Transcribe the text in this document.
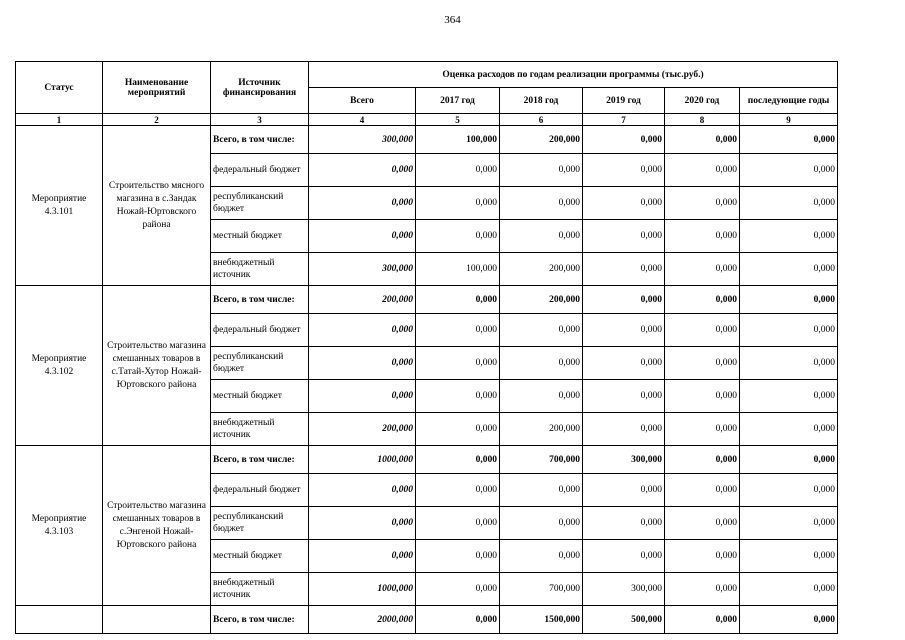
364
Статус	Наименование мероприятий	Источник финансирования	Оценка расходов по годам реализации программы (тыс.руб.)					
			Всего	2017 год	2018 год	2019 год	2020 год	последующие годы
1	2	3	4	5	6	7	8	9
Мероприятие 4.3.101	Строительство мясного магазина в с.Зандак Ножай-Юртовского района	Всего, в том числе:	300,000	100,000	200,000	0,000	0,000	0,000
		федеральный бюджет	0,000	0,000	0,000	0,000	0,000	0,000
		республиканский бюджет	0,000	0,000	0,000	0,000	0,000	0,000
		местный бюджет	0,000	0,000	0,000	0,000	0,000	0,000
		внебюджетный источник	300,000	100,000	200,000	0,000	0,000	0,000
Мероприятие 4.3.102	Строительство магазина смешанных товаров в с.Татай-Хутор Ножай-Юртовского района	Всего, в том числе:	200,000	0,000	200,000	0,000	0,000	0,000
		федеральный бюджет	0,000	0,000	0,000	0,000	0,000	0,000
		республиканский бюджет	0,000	0,000	0,000	0,000	0,000	0,000
		местный бюджет	0,000	0,000	0,000	0,000	0,000	0,000
		внебюджетный источник	200,000	0,000	200,000	0,000	0,000	0,000
Мероприятие 4.3.103	Строительство магазина смешанных товаров в с.Энгеной Ножай-Юртовского района	Всего, в том числе:	1000,000	0,000	700,000	300,000	0,000	0,000
		федеральный бюджет	0,000	0,000	0,000	0,000	0,000	0,000
		республиканский бюджет	0,000	0,000	0,000	0,000	0,000	0,000
		местный бюджет	0,000	0,000	0,000	0,000	0,000	0,000
		внебюджетный источник	1000,000	0,000	700,000	300,000	0,000	0,000
		Всего, в том числе:	2000,000	0,000	1500,000	500,000	0,000	0,000
